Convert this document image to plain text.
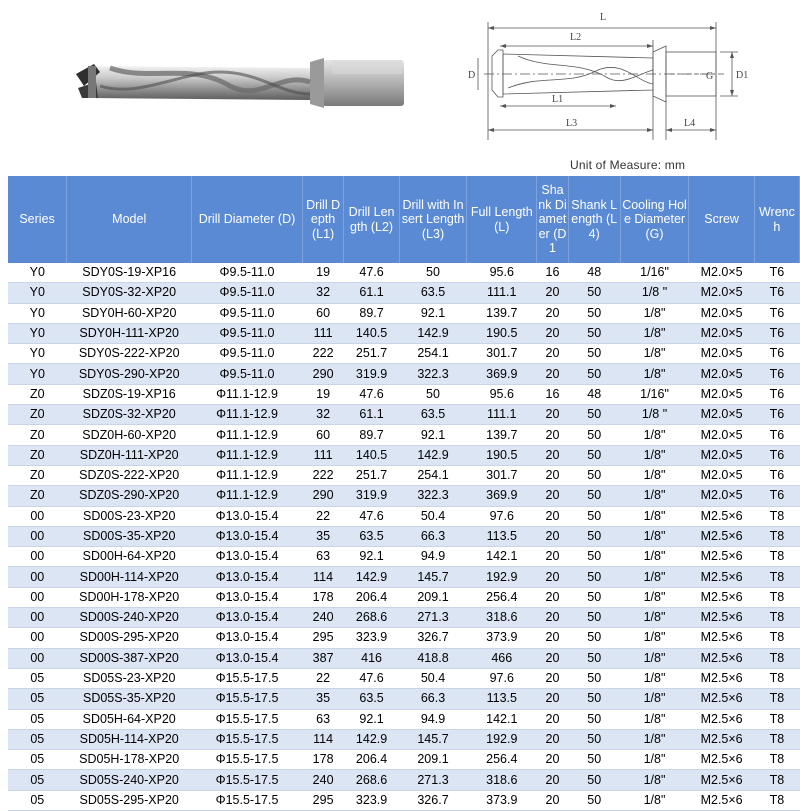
L
L2
L1
L3	L4
D1
G
D
Unit of Measure: mm
Series	Model	Drill Diameter (D)	Drill Depth (L1)	Drill Length (L2)	Drill with Insert Length (L3)	Full Length (L)	Shank Diameter (D1	Shank Length (L4)	Cooling Hole Diameter (G)	Screw	Wrench
Y0	SDY0S-19-XP16	Φ9.5-11.0	19	47.6	50	95.6	16	48	1/16"	M2.0×5	T6
Y0	SDY0S-32-XP20	Φ9.5-11.0	32	61.1	63.5	111.1	20	50	1/8 "	M2.0×5	T6
Y0	SDY0H-60-XP20	Φ9.5-11.0	60	89.7	92.1	139.7	20	50	1/8"	M2.0×5	T6
Y0	SDY0H-111-XP20	Φ9.5-11.0	111	140.5	142.9	190.5	20	50	1/8"	M2.0×5	T6
Y0	SDY0S-222-XP20	Φ9.5-11.0	222	251.7	254.1	301.7	20	50	1/8"	M2.0×5	T6
Y0	SDY0S-290-XP20	Φ9.5-11.0	290	319.9	322.3	369.9	20	50	1/8"	M2.0×5	T6
Z0	SDZ0S-19-XP16	Φ11.1-12.9	19	47.6	50	95.6	16	48	1/16"	M2.0×5	T6
Z0	SDZ0S-32-XP20	Φ11.1-12.9	32	61.1	63.5	111.1	20	50	1/8 "	M2.0×5	T6
Z0	SDZ0H-60-XP20	Φ11.1-12.9	60	89.7	92.1	139.7	20	50	1/8"	M2.0×5	T6
Z0	SDZ0H-111-XP20	Φ11.1-12.9	111	140.5	142.9	190.5	20	50	1/8"	M2.0×5	T6
Z0	SDZ0S-222-XP20	Φ11.1-12.9	222	251.7	254.1	301.7	20	50	1/8"	M2.0×5	T6
Z0	SDZ0S-290-XP20	Φ11.1-12.9	290	319.9	322.3	369.9	20	50	1/8"	M2.0×5	T6
00	SD00S-23-XP20	Φ13.0-15.4	22	47.6	50.4	97.6	20	50	1/8"	M2.5×6	T8
00	SD00S-35-XP20	Φ13.0-15.4	35	63.5	66.3	113.5	20	50	1/8"	M2.5×6	T8
00	SD00H-64-XP20	Φ13.0-15.4	63	92.1	94.9	142.1	20	50	1/8"	M2.5×6	T8
00	SD00H-114-XP20	Φ13.0-15.4	114	142.9	145.7	192.9	20	50	1/8"	M2.5×6	T8
00	SD00H-178-XP20	Φ13.0-15.4	178	206.4	209.1	256.4	20	50	1/8"	M2.5×6	T8
00	SD00S-240-XP20	Φ13.0-15.4	240	268.6	271.3	318.6	20	50	1/8"	M2.5×6	T8
00	SD00S-295-XP20	Φ13.0-15.4	295	323.9	326.7	373.9	20	50	1/8"	M2.5×6	T8
00	SD00S-387-XP20	Φ13.0-15.4	387	416	418.8	466	20	50	1/8"	M2.5×6	T8
05	SD05S-23-XP20	Φ15.5-17.5	22	47.6	50.4	97.6	20	50	1/8"	M2.5×6	T8
05	SD05S-35-XP20	Φ15.5-17.5	35	63.5	66.3	113.5	20	50	1/8"	M2.5×6	T8
05	SD05H-64-XP20	Φ15.5-17.5	63	92.1	94.9	142.1	20	50	1/8"	M2.5×6	T8
05	SD05H-114-XP20	Φ15.5-17.5	114	142.9	145.7	192.9	20	50	1/8"	M2.5×6	T8
05	SD05H-178-XP20	Φ15.5-17.5	178	206.4	209.1	256.4	20	50	1/8"	M2.5×6	T8
05	SD05S-240-XP20	Φ15.5-17.5	240	268.6	271.3	318.6	20	50	1/8"	M2.5×6	T8
05	SD05S-295-XP20	Φ15.5-17.5	295	323.9	326.7	373.9	20	50	1/8"	M2.5×6	T8
